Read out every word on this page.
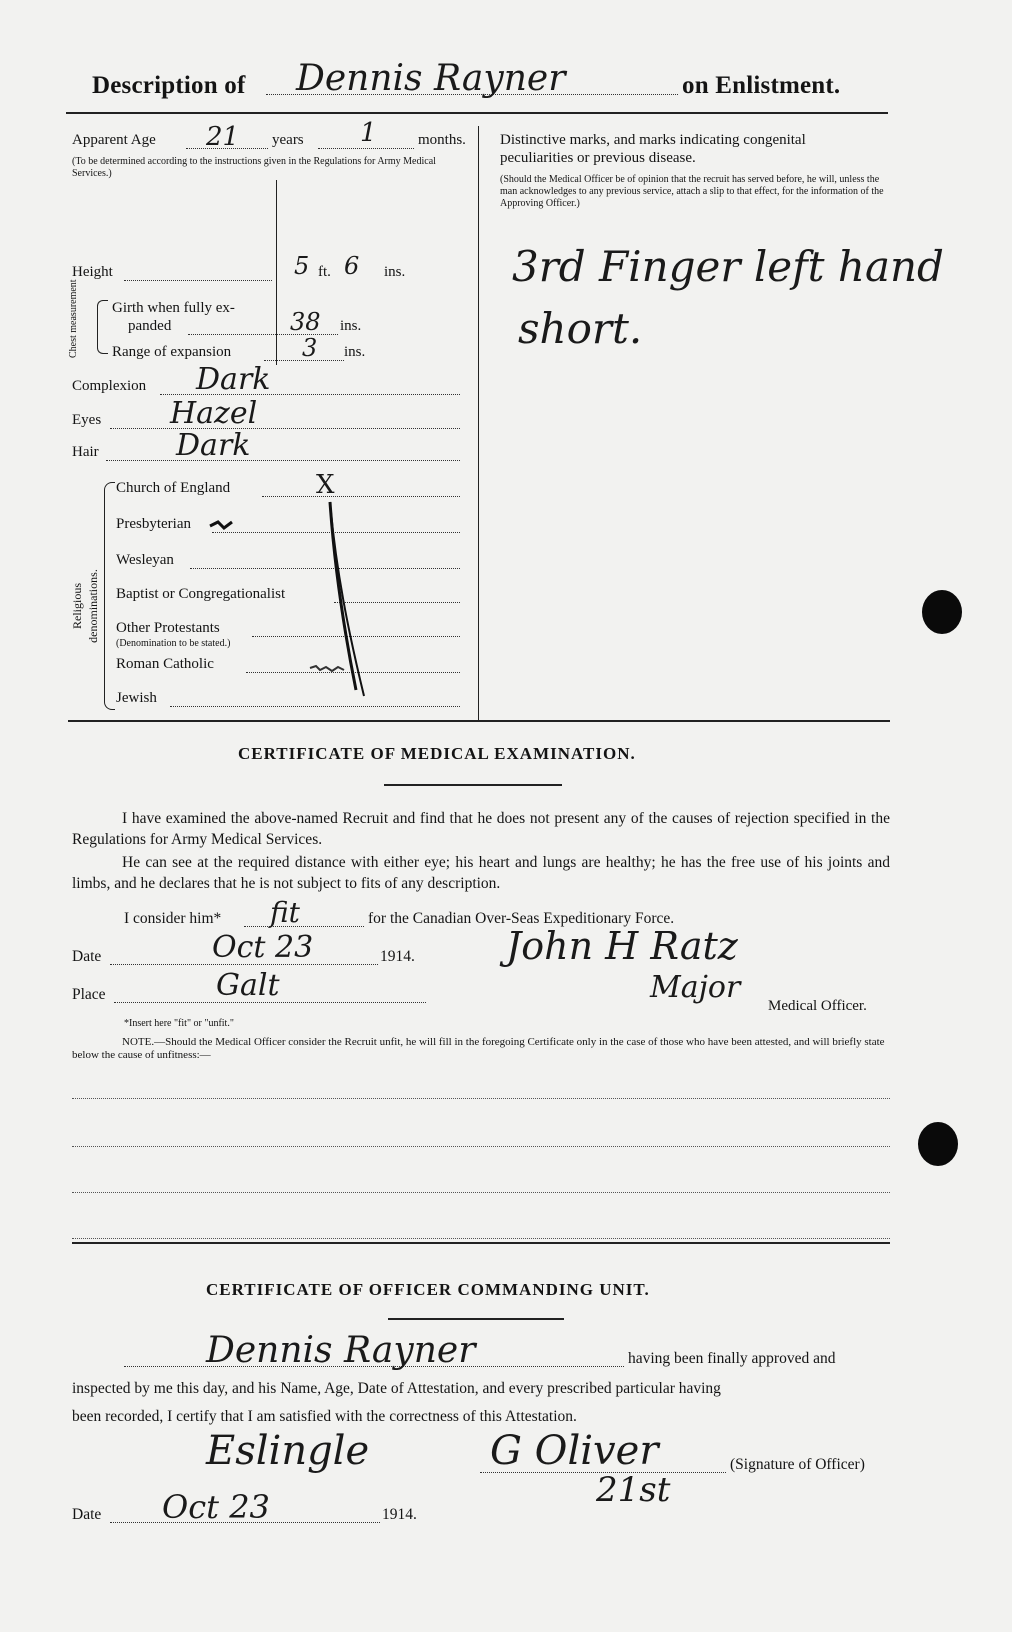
Description of Dennis Rayner	on Enlistment.
Apparent Age 21 years 1	months.
(To be determined according to the instructions given in the Regulations for Army Medical Services.)
Height	5 ft. 6 ins.
Chest measurement Girth when fully ex-
panded	38 ins.
Range of expansion	3 ins.
Complexion Dark
Eyes Hazel
Hair	Dark
Religious denominations.
Church of England	X
Presbyterian
Wesleyan
Baptist or Congregationalist
Other Protestants
(Denomination to be stated.)
Roman Catholic
Jewish
Distinctive marks, and marks indicating congenital
peculiarities or previous disease.
(Should the Medical Officer be of opinion that the recruit has served before, he will, unless the man acknowledges to any previous service, attach a slip to that effect, for the information of the Approving Officer.)
3rd Finger left hand
short.
CERTIFICATE OF MEDICAL EXAMINATION.
I have examined the above-named Recruit and find that he does not present any of the causes of rejection specified in the Regulations for Army Medical Services.
He can see at the required distance with either eye; his heart and lungs are healthy; he has the free use of his joints and limbs, and he declares that he is not subject to fits of any description.
I consider him* fit	for the Canadian Over-Seas Expeditionary Force.
Date	Oct 23	1914. John H Ratz
Place	Galt	Major
Medical Officer.
*Insert here "fit" or "unfit."
NOTE.—Should the Medical Officer consider the Recruit unfit, he will fill in the foregoing Certificate only in the case of those who have been attested, and will briefly state below the cause of unfitness:—
CERTIFICATE OF OFFICER COMMANDING UNIT.
Dennis Rayner	having been finally approved and
inspected by me this day, and his Name, Age, Date of Attestation, and every prescribed particular having
been recorded, I certify that I am satisfied with the correctness of this Attestation.
Eslingle	G Oliver
21st
(Signature of Officer)
Date Oct 23	1914.
